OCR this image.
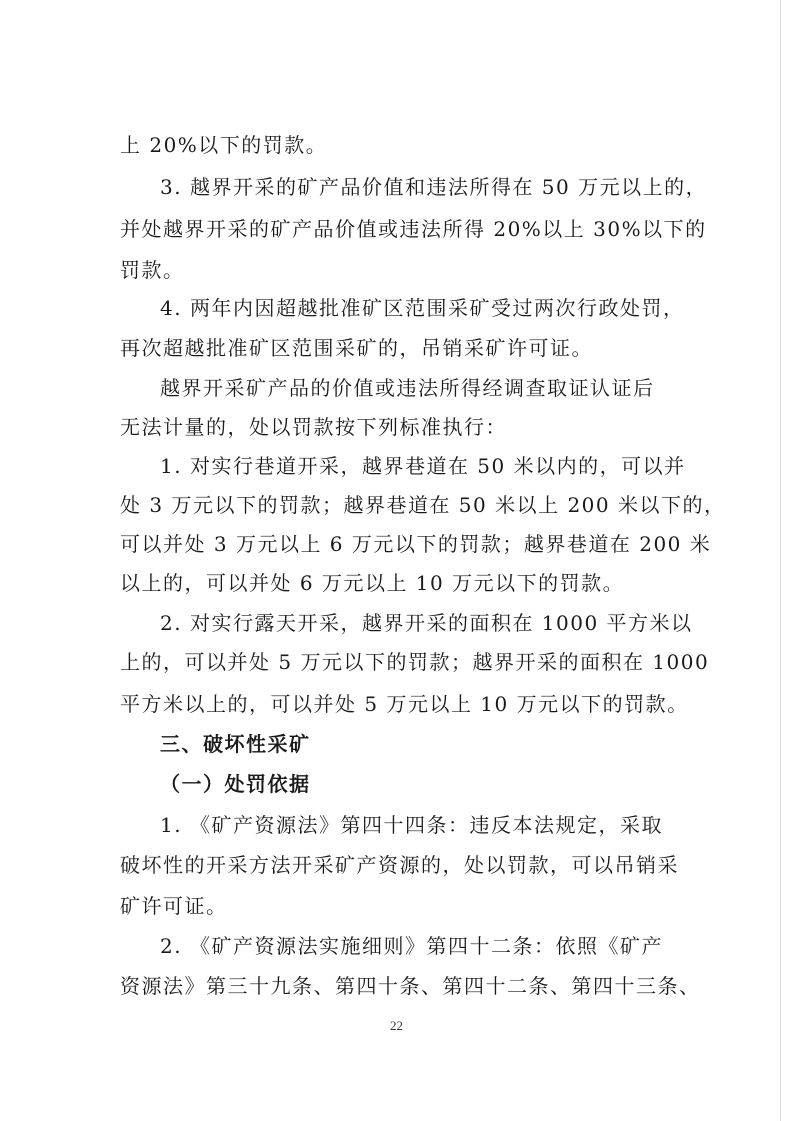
上 20%以下的罚款。
3. 越界开采的矿产品价值和违法所得在 50 万元以上的，
并处越界开采的矿产品价值或违法所得 20%以上 30%以下的
罚款。
4. 两年内因超越批准矿区范围采矿受过两次行政处罚，
再次超越批准矿区范围采矿的，吊销采矿许可证。
越界开采矿产品的价值或违法所得经调查取证认证后
无法计量的，处以罚款按下列标准执行：
1. 对实行巷道开采，越界巷道在 50 米以内的，可以并
处 3 万元以下的罚款；越界巷道在 50 米以上 200 米以下的，
可以并处 3 万元以上 6 万元以下的罚款；越界巷道在 200 米
以上的，可以并处 6 万元以上 10 万元以下的罚款。
2. 对实行露天开采，越界开采的面积在 1000 平方米以
上的，可以并处 5 万元以下的罚款；越界开采的面积在 1000
平方米以上的，可以并处 5 万元以上 10 万元以下的罚款。
三、破坏性采矿
（一）处罚依据
1. 《矿产资源法》第四十四条：违反本法规定，采取
破坏性的开采方法开采矿产资源的，处以罚款，可以吊销采
矿许可证。
2. 《矿产资源法实施细则》第四十二条：依照《矿产
资源法》第三十九条、第四十条、第四十二条、第四十三条、
22
